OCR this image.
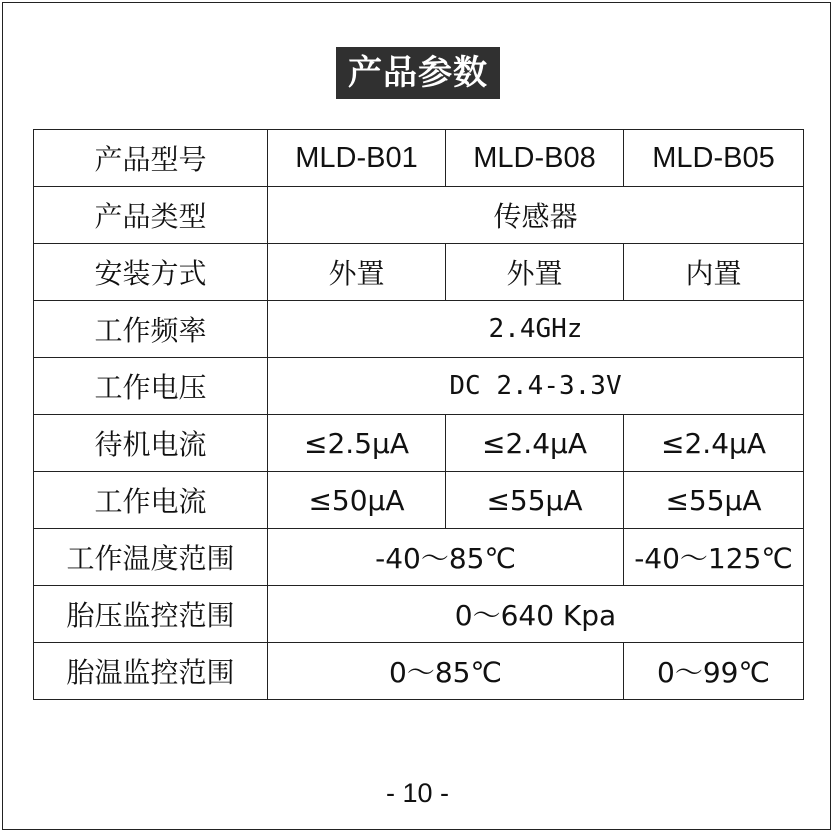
产品参数
产品型号	MLD-B01	MLD-B08	MLD-B05
产品类型	传感器		
安装方式	外置	外置	内置
工作频率	2.4GHz		
工作电压	DC 2.4-3.3V		
待机电流	≤2.5μA	≤2.4μA	≤2.4μA
工作电流	≤50μA	≤55μA	≤55μA
工作温度范围	-40～85℃		-40～125℃
胎压监控范围	0～640 Kpa		
胎温监控范围	0～85℃		0～99℃
- 10 -
